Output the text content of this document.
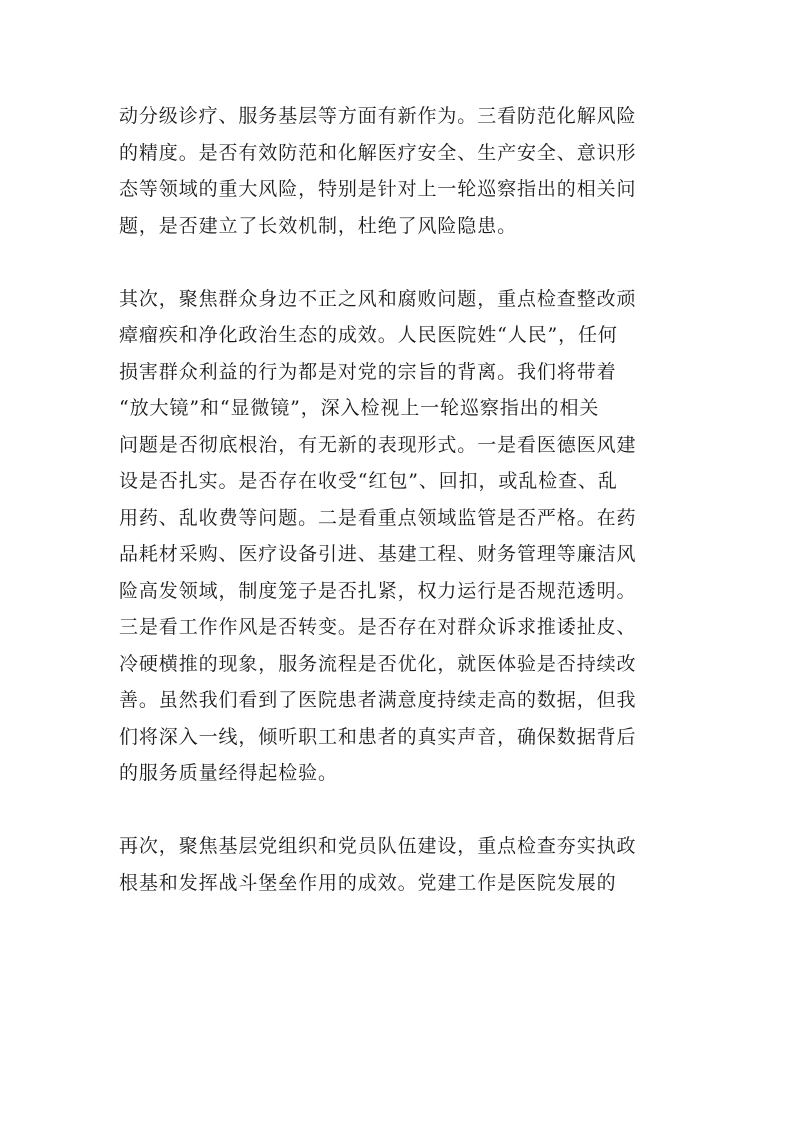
动分级诊疗、服务基层等方面有新作为。三看防范化解风险
的精度。是否有效防范和化解医疗安全、生产安全、意识形
态等领域的重大风险，特别是针对上一轮巡察指出的相关问
题，是否建立了长效机制，杜绝了风险隐患。

其次，聚焦群众身边不正之风和腐败问题，重点检查整改顽
瘴瘤疾和净化政治生态的成效。人民医院姓“人民”，任何
损害群众利益的行为都是对党的宗旨的背离。我们将带着
“放大镜”和“显微镜”，深入检视上一轮巡察指出的相关
问题是否彻底根治，有无新的表现形式。一是看医德医风建
设是否扎实。是否存在收受“红包”、回扣，或乱检查、乱
用药、乱收费等问题。二是看重点领域监管是否严格。在药
品耗材采购、医疗设备引进、基建工程、财务管理等廉洁风
险高发领域，制度笼子是否扎紧，权力运行是否规范透明。
三是看工作作风是否转变。是否存在对群众诉求推诿扯皮、
冷硬横推的现象，服务流程是否优化，就医体验是否持续改
善。虽然我们看到了医院患者满意度持续走高的数据，但我
们将深入一线，倾听职工和患者的真实声音，确保数据背后
的服务质量经得起检验。

再次，聚焦基层党组织和党员队伍建设，重点检查夯实执政
根基和发挥战斗堡垒作用的成效。党建工作是医院发展的
